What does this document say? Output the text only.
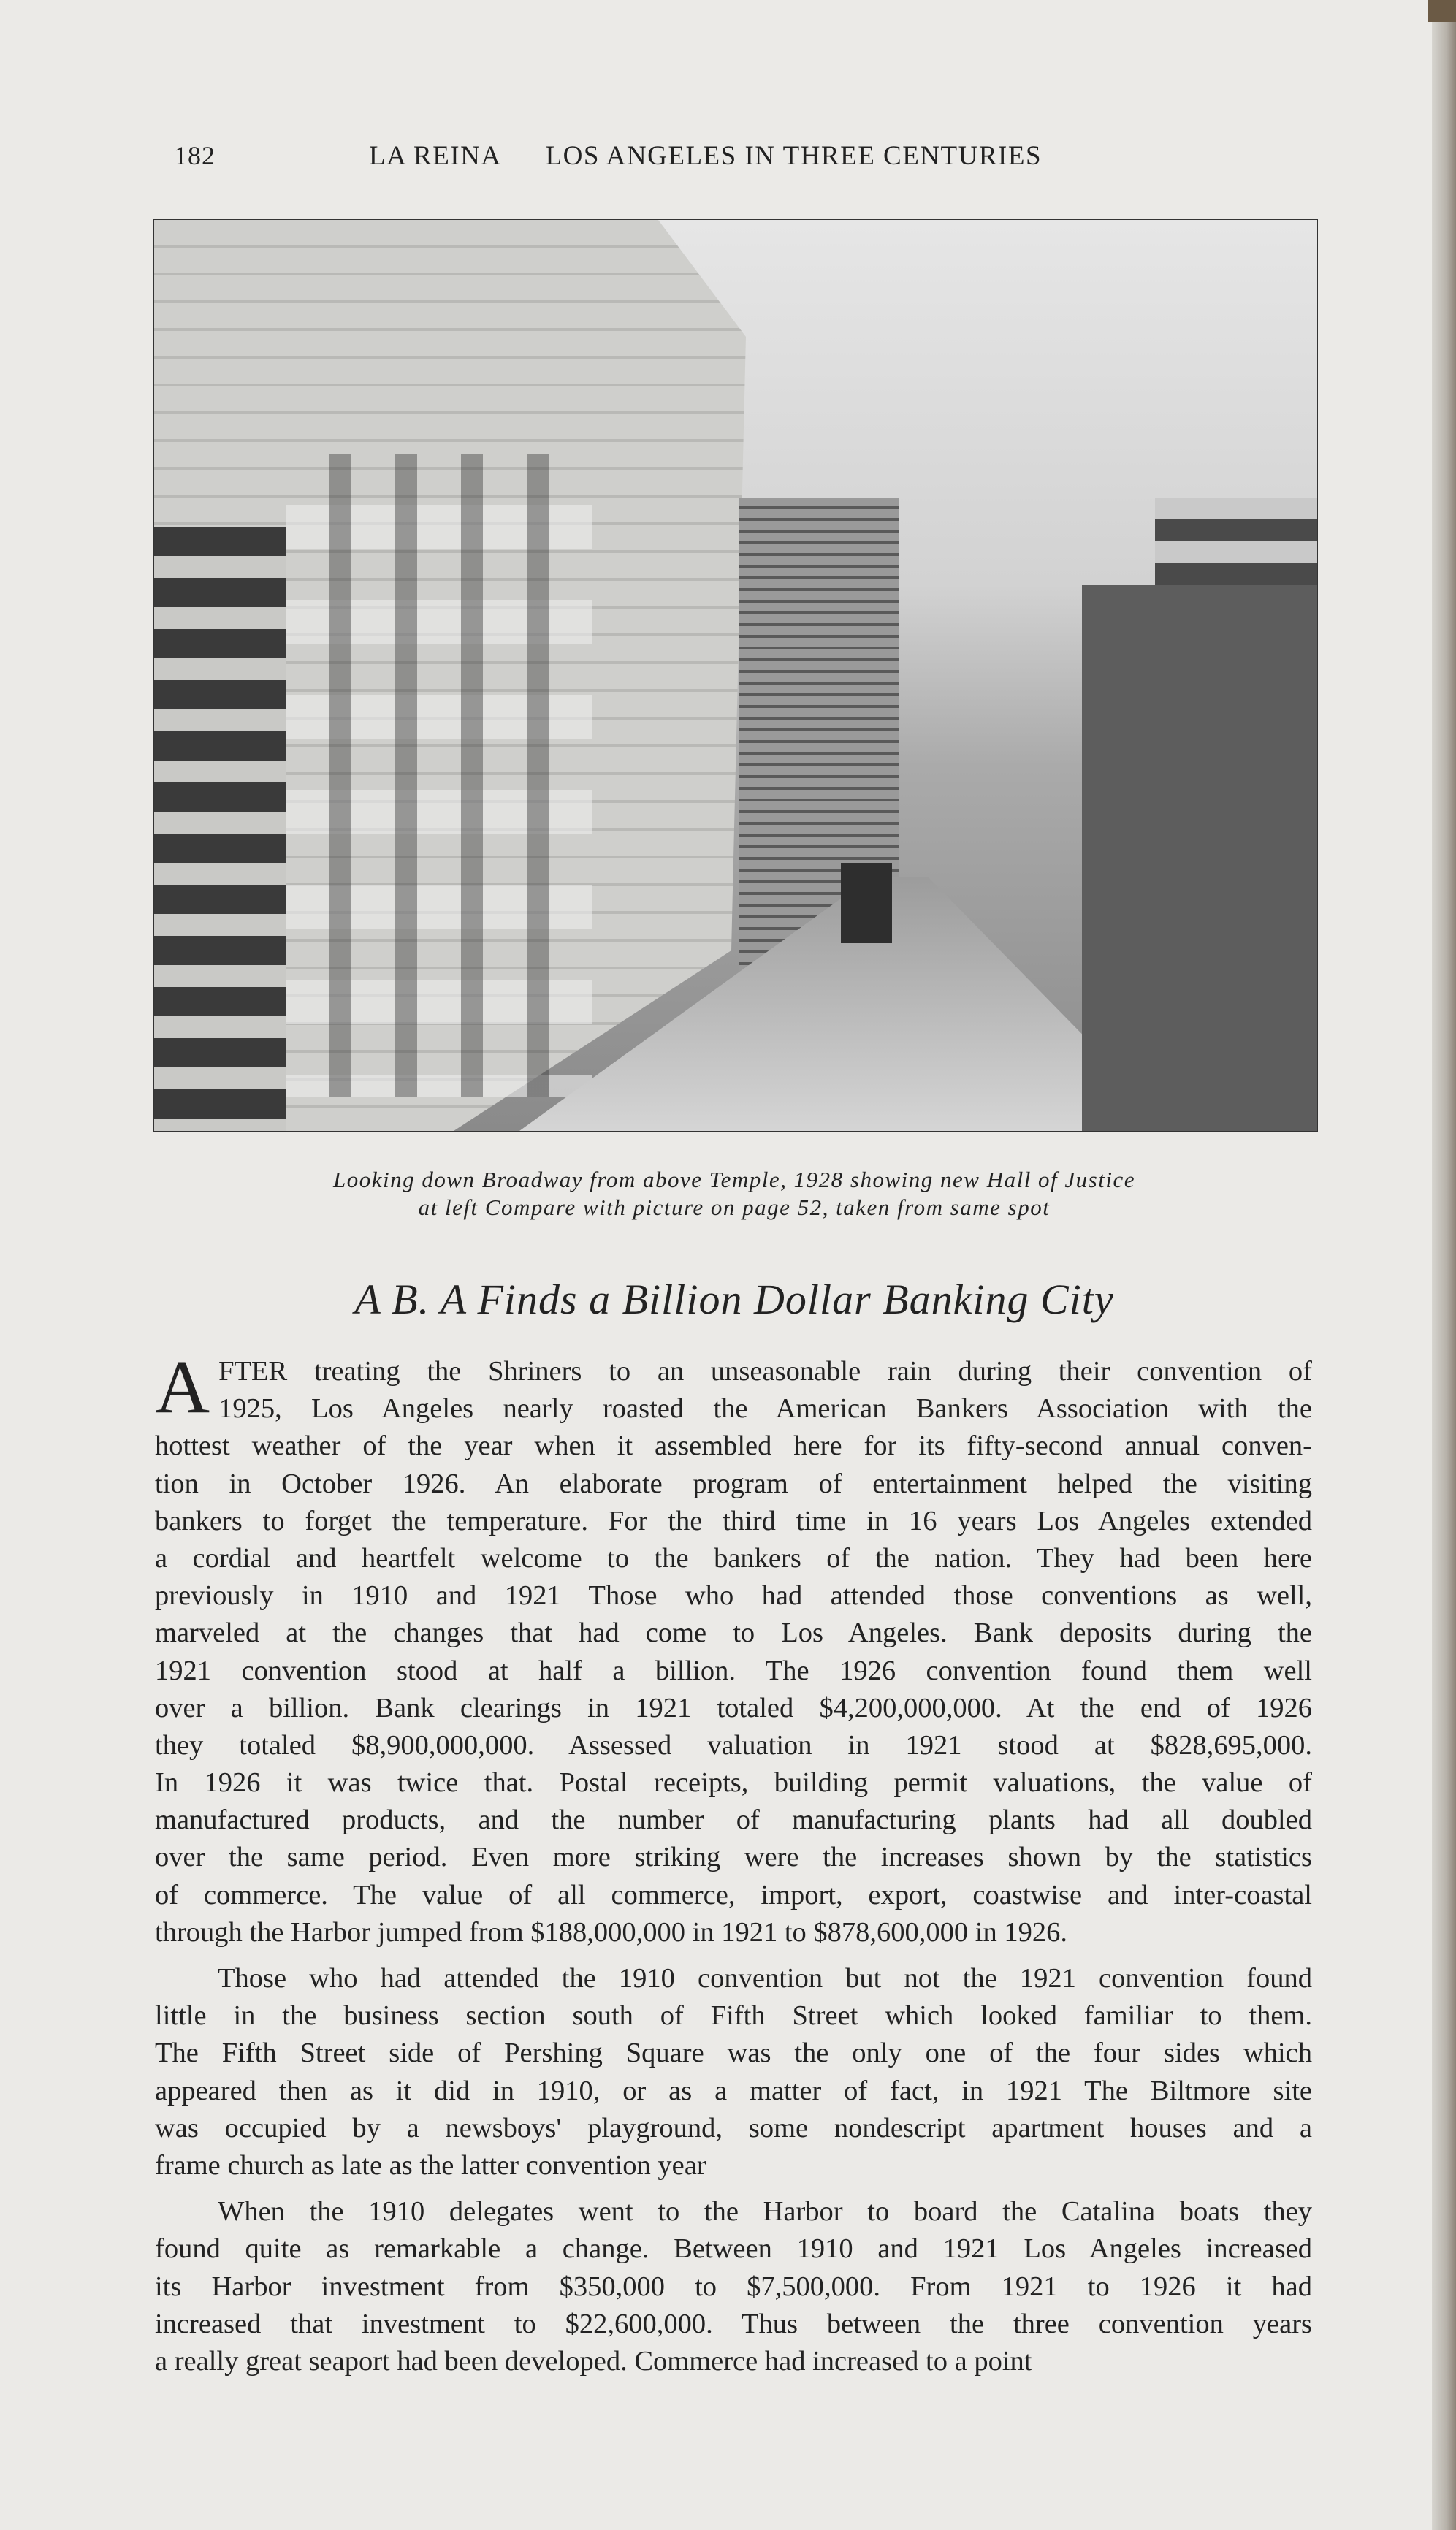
182	LA REINA LOS ANGELES IN THREE CENTURIES
Looking down Broadway from above Temple, 1928 showing new Hall of Justice
at left Compare with picture on page 52, taken from same spot
A B. A Finds a Billion Dollar Banking City
A FTER treating the Shriners to an unseasonable rain during their convention of
1925, Los Angeles nearly roasted the American Bankers Association with the
hottest weather of the year when it assembled here for its fifty-second annual conven-
tion in October 1926. An elaborate program of entertainment helped the visiting
bankers to forget the temperature. For the third time in 16 years Los Angeles extended
a cordial and heartfelt welcome to the bankers of the nation. They had been here
previously in 1910 and 1921 Those who had attended those conventions as well,
marveled at the changes that had come to Los Angeles. Bank deposits during the
1921 convention stood at half a billion. The 1926 convention found them well
over a billion. Bank clearings in 1921 totaled $4,200,000,000. At the end of 1926
they totaled $8,900,000,000. Assessed valuation in 1921 stood at $828,695,000.
In 1926 it was twice that. Postal receipts, building permit valuations, the value of
manufactured products, and the number of manufacturing plants had all doubled
over the same period. Even more striking were the increases shown by the statistics
of commerce. The value of all commerce, import, export, coastwise and inter-coastal
through the Harbor jumped from $188,000,000 in 1921 to $878,600,000 in 1926.
Those who had attended the 1910 convention but not the 1921 convention found
little in the business section south of Fifth Street which looked familiar to them.
The Fifth Street side of Pershing Square was the only one of the four sides which
appeared then as it did in 1910, or as a matter of fact, in 1921 The Biltmore site
was occupied by a newsboys' playground, some nondescript apartment houses and a
frame church as late as the latter convention year
When the 1910 delegates went to the Harbor to board the Catalina boats they
found quite as remarkable a change. Between 1910 and 1921 Los Angeles increased
its Harbor investment from $350,000 to $7,500,000. From 1921 to 1926 it had
increased that investment to $22,600,000. Thus between the three convention years
a really great seaport had been developed. Commerce had increased to a point
